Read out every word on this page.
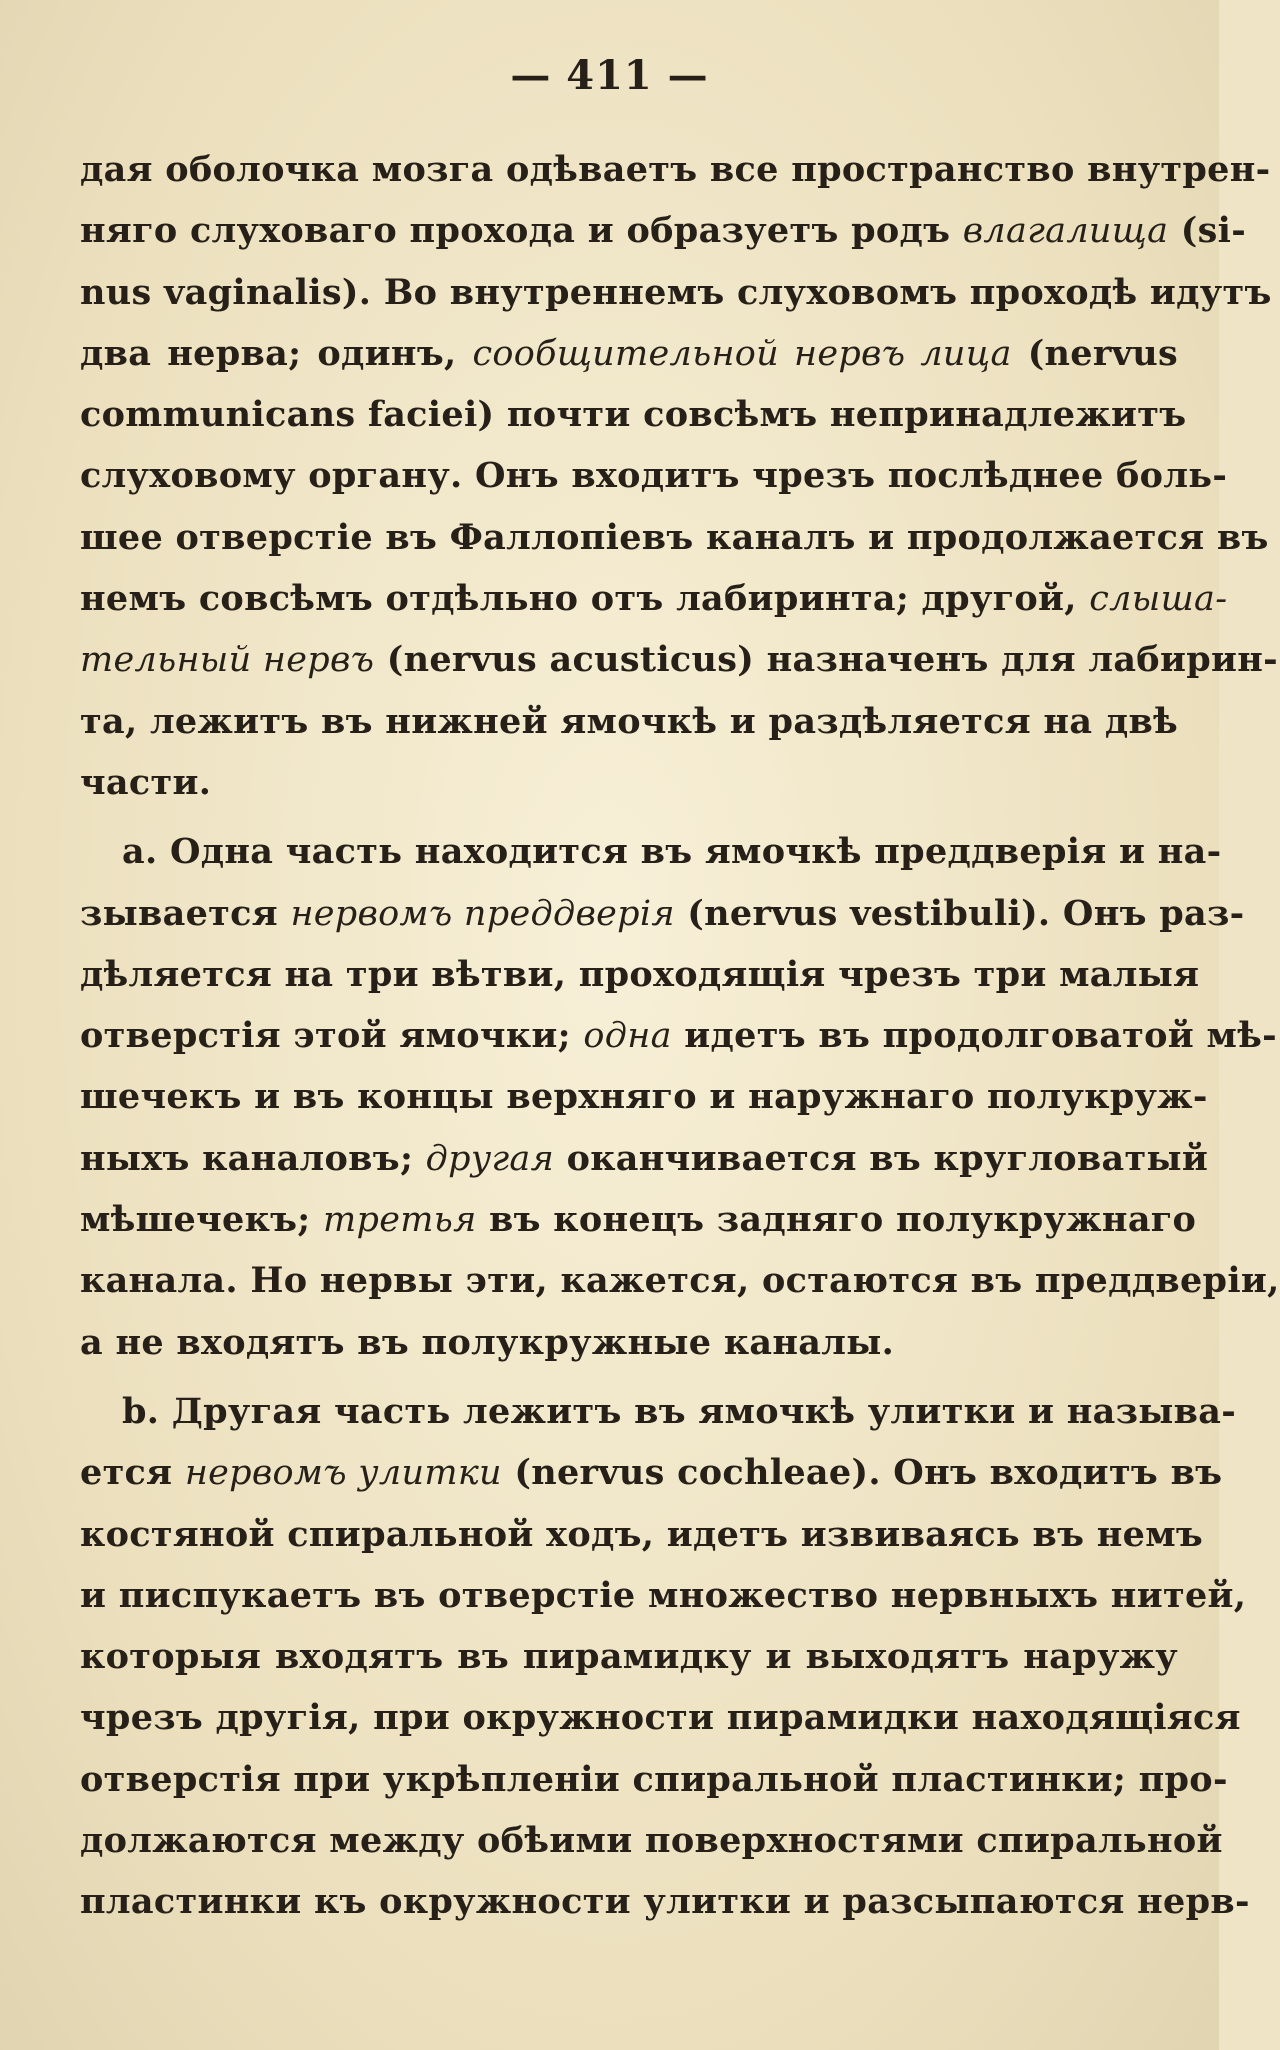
— 411 —
дая оболочка мозга одѣваетъ все пространство внутрен-
няго слуховаго прохода и образуетъ родъ влагалища (si-
nus vaginalis). Во внутреннемъ слуховомъ проходѣ идутъ
два нерва; одинъ, сообщительной нервъ лица (nervus
communicans faciei) почти совсѣмъ непринадлежитъ
слуховому органу. Онъ входитъ чрезъ послѣднее боль-
шее отверстіе въ Фаллопіевъ каналъ и продолжается въ
немъ совсѣмъ отдѣльно отъ лабиринта; другой, слыша-
тельный нервъ (nervus acusticus) назначенъ для лабирин-
та, лежитъ въ нижней ямочкѣ и раздѣляется на двѣ
части.
a. Одна часть находится въ ямочкѣ преддверія и на-
зывается нервомъ преддверія (nervus vestibuli). Онъ раз-
дѣляется на три вѣтви, проходящія чрезъ три малыя
отверстія этой ямочки; одна идетъ въ продолговатой мѣ-
шечекъ и въ концы верхняго и наружнаго полукруж-
ныхъ каналовъ; другая оканчивается въ кругловатый
мѣшечекъ; третья въ конецъ задняго полукружнаго
канала. Но нервы эти, кажется, остаются въ преддверіи,
а не входятъ въ полукружные каналы.
b. Другая часть лежитъ въ ямочкѣ улитки и называ-
ется нервомъ улитки (nervus cochleae). Онъ входитъ въ
костяной спиральной ходъ, идетъ извиваясь въ немъ
и пиcпукаетъ въ отверстіе множество нервныхъ нитей,
которыя входятъ въ пирамидку и выходятъ наружу
чрезъ другія, при окружности пирамидки находящіяся
отверстія при укрѣпленіи спиральной пластинки; про-
должаются между обѣими поверхностями спиральной
пластинки къ окружности улитки и разсыпаются нерв-
